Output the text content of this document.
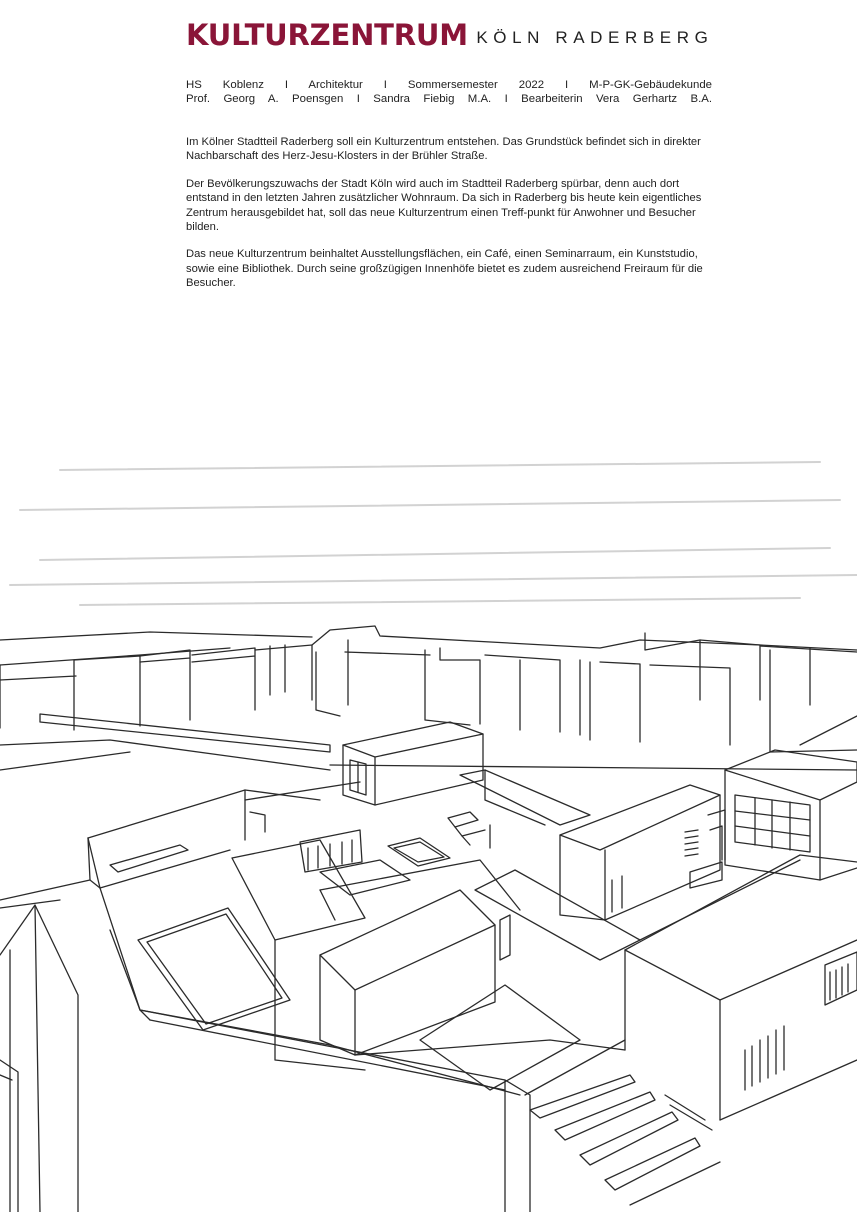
KULTURZENTRUM KÖLN RADERBERG
HS Koblenz I Architektur I Sommersemester 2022 I M-P-GK-Gebäudekunde
Prof. Georg A. Poensgen I Sandra Fiebig M.A. I Bearbeiterin Vera Gerhartz B.A.

Im Kölner Stadtteil Raderberg soll ein Kulturzentrum entstehen. Das Grundstück befindet sich in direkter Nachbarschaft des Herz-Jesu-Klosters in der Brühler Straße.

Der Bevölkerungszuwachs der Stadt Köln wird auch im Stadtteil Raderberg spürbar, denn auch dort entstand in den letzten Jahren zusätzlicher Wohnraum. Da sich in Raderberg bis heute kein eigentliches Zentrum herausgebildet hat, soll das neue Kulturzentrum einen Treff-punkt für Anwohner und Besucher bilden.

Das neue Kulturzentrum beinhaltet Ausstellungsflächen, ein Café, einen Seminarraum, ein Kunststudio, sowie eine Bibliothek. Durch seine großzügigen Innenhöfe bietet es zudem ausreichend Freiraum für die Besucher.
